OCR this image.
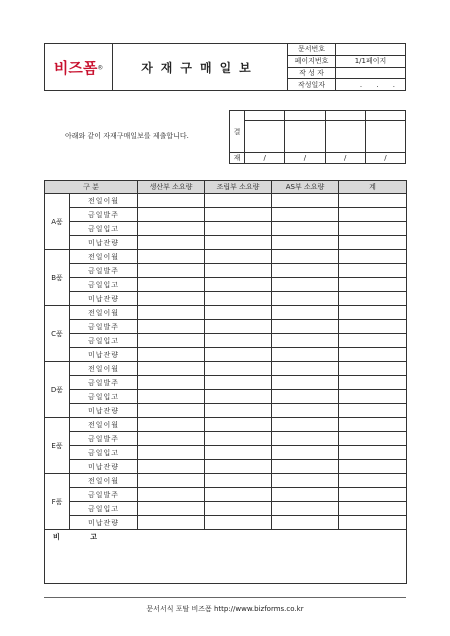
비즈폼®	자재구매일보	문서번호	
		페이지번호	1/1페이지
		작 성 자	
		작성일자	. . .
아래와 같이 자재구매일보를 제출합니다.
결				

재	/	/	/	/
구 분		생산부 소요량	조립부 소요량	AS부 소요량	계
A품	전일이월				
	금일발주				
	금일입고				
	미납잔량				
B품	전일이월				
	금일발주				
	금일입고				
	미납잔량				
C품	전일이월				
	금일발주				
	금일입고				
	미납잔량				
D품	전일이월				
	금일발주				
	금일입고				
	미납잔량				
E품	전일이월				
	금일발주				
	금일입고				
	미납잔량				
F품	전일이월				
	금일발주				
	금일입고				
	미납잔량				
비 고					
문서서식 포탈 비즈폼 http://www.bizforms.co.kr
